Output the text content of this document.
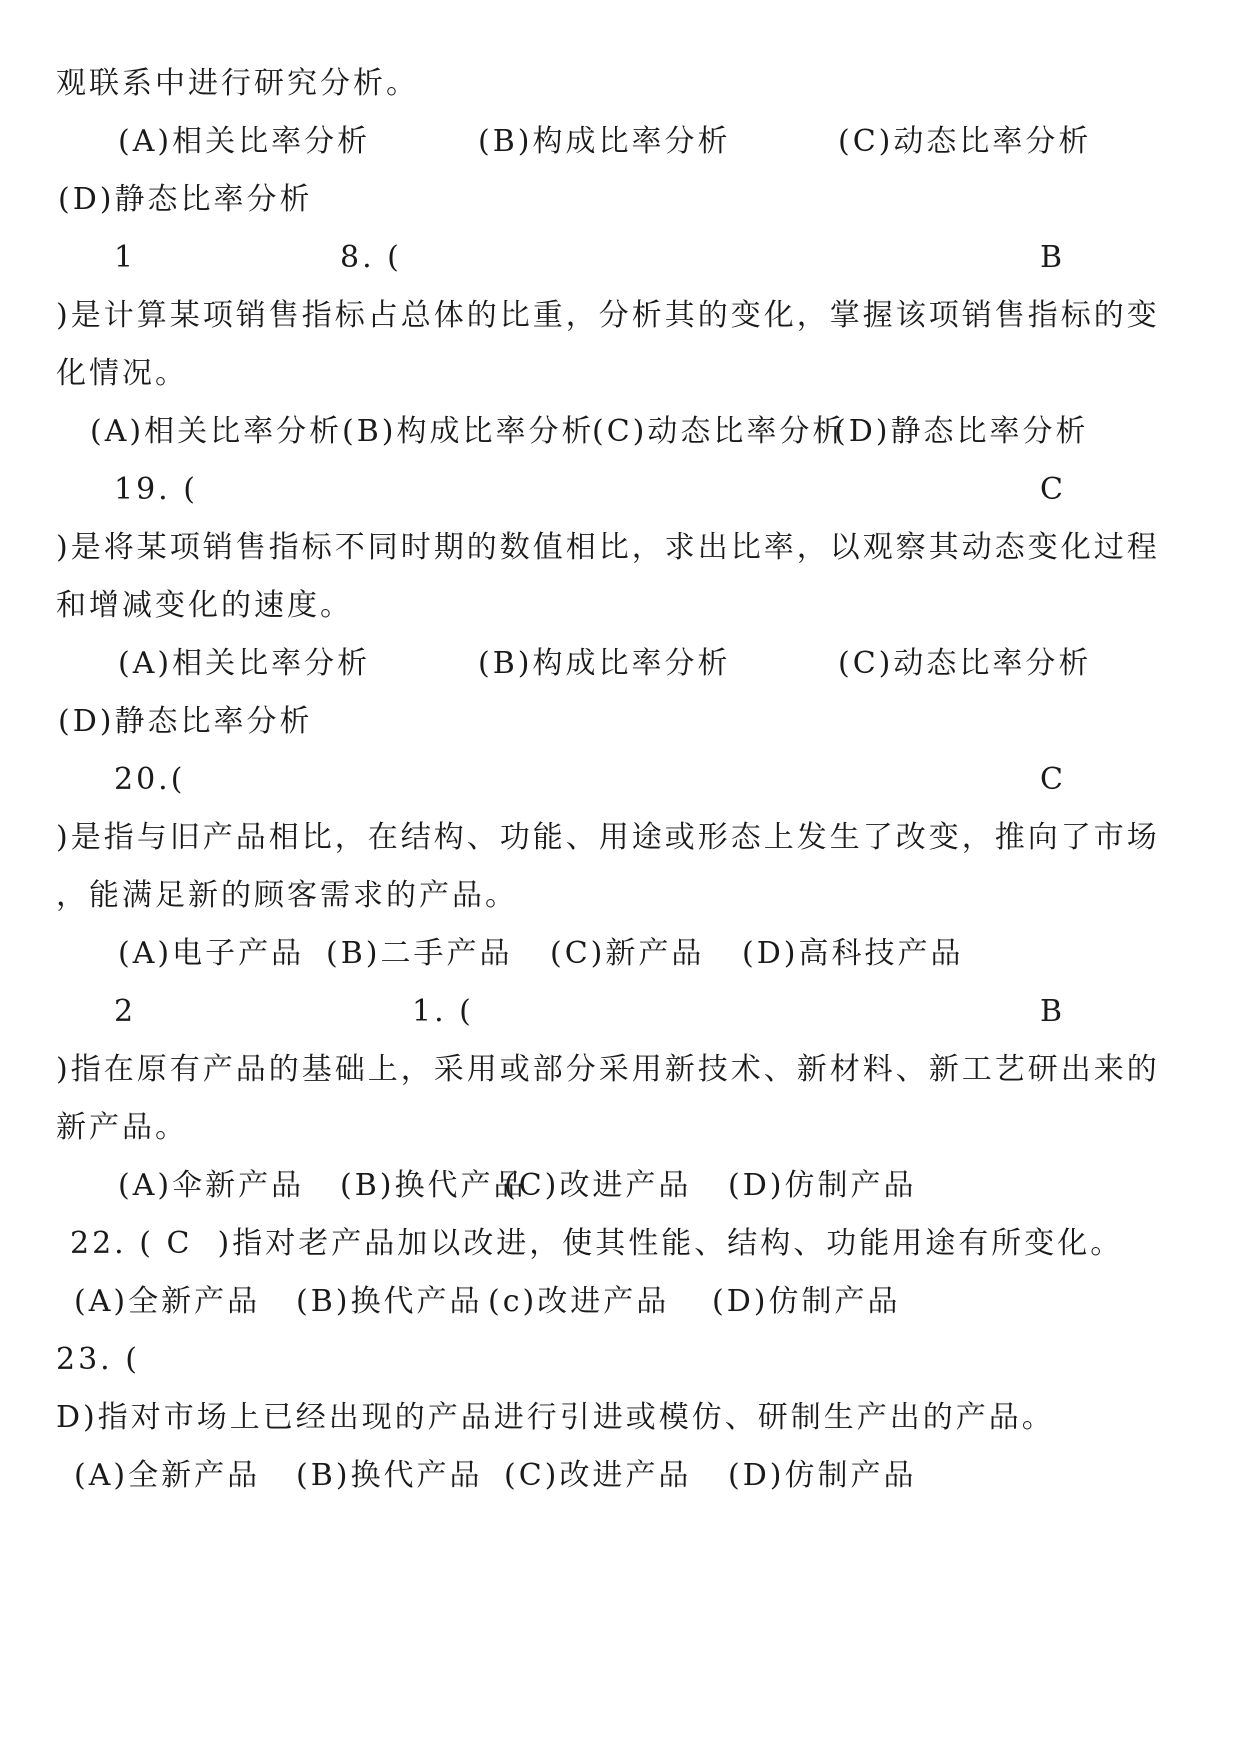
观联系中进行研究分析。
(A)相关比率分析	(B)构成比率分析	(C)动态比率分析
(D)静态比率分析
1	8. (	B
)是计算某项销售指标占总体的比重，分析其的变化，掌握该项销售指标的变
化情况。
(A)相关比率分析 (B)构成比率分析
(C)动态比率分析
(D)静态比率分析
19. (	C
)是将某项销售指标不同时期的数值相比，求出比率，以观察其动态变化过程
和增减变化的速度。
(A)相关比率分析	(B)构成比率分析	(C)动态比率分析
(D)静态比率分析
20.(	C
)是指与旧产品相比，在结构、功能、用途或形态上发生了改变，推向了市场
，能满足新的顾客需求的产品。
(A)电子产品 (B)二手产品 (C)新产品 (D)高科技产品
2	1. (	B
)指在原有产品的基础上，采用或部分采用新技术、新材料、新工艺研出来的
新产品。
(A)伞新产品 (B)换代产品
(C)改进产品 (D)仿制产品
22. ( C  )指对老产品加以改进，使其性能、结构、功能用途有所变化。
(A)全新产品 (B)换代产品 (c)改进产品 (D)仿制产品
23. (
D)指对市场上已经出现的产品进行引进或模仿、研制生产出的产品。
(A)全新产品 (B)换代产品 (C)改进产品 (D)仿制产品
